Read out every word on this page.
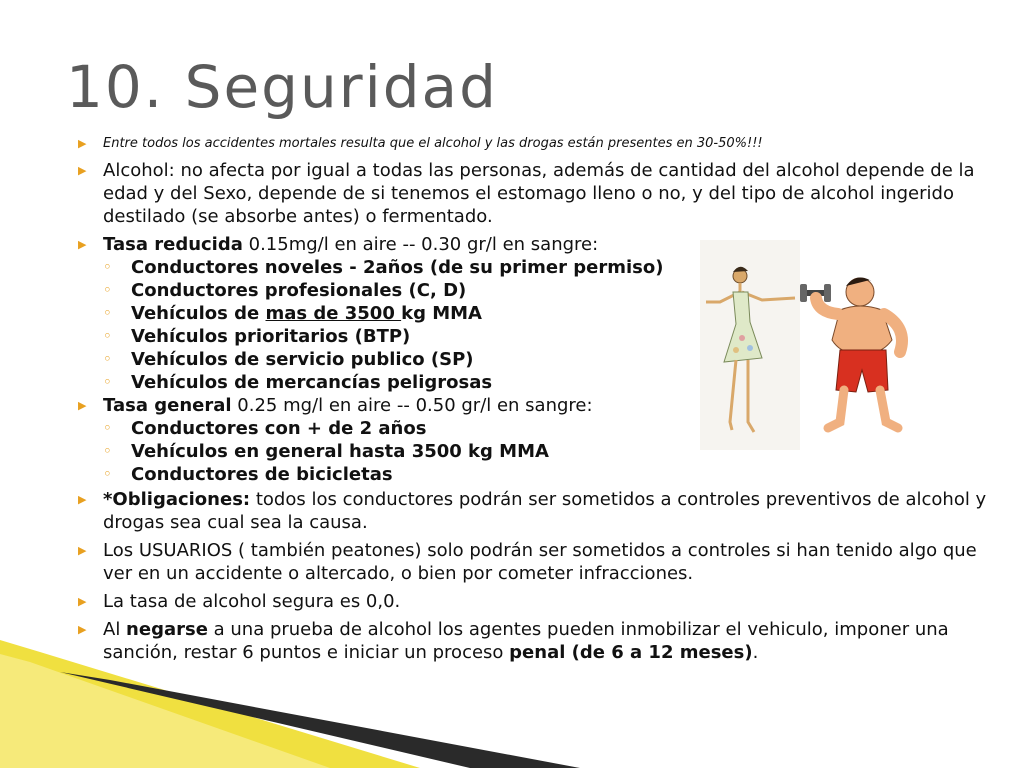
10. Seguridad
▶ Entre todos los accidentes mortales resulta que el alcohol y las drogas están presentes en 30-50%!!!
▶ Alcohol: no afecta por igual a todas las personas, además de cantidad del alcohol depende de la edad y del Sexo, depende de si tenemos el estomago lleno o no, y del tipo de alcohol ingerido destilado (se absorbe antes) o fermentado.
▶ Tasa reducida 0.15mg/l en aire -- 0.30 gr/l en sangre:
◦ Conductores noveles - 2años (de su primer permiso)
◦ Conductores profesionales (C, D)
◦ Vehículos de mas de 3500 kg MMA
◦ Vehículos prioritarios (BTP)
◦ Vehículos de servicio publico (SP)
◦ Vehículos de mercancías peligrosas
▶ Tasa general 0.25 mg/l en aire -- 0.50 gr/l en sangre:
◦ Conductores con + de 2 años
◦ Vehículos en general hasta 3500 kg MMA
◦ Conductores de bicicletas
▶ *Obligaciones: todos los conductores podrán ser sometidos a controles preventivos de alcohol y drogas sea cual sea la causa.
▶ Los USUARIOS ( también peatones) solo podrán ser sometidos a controles si han tenido algo que ver en un accidente o altercado, o bien por cometer infracciones.
▶ La tasa de alcohol segura es 0,0.
▶ Al negarse a una prueba de alcohol los agentes pueden inmobilizar el vehiculo, imponer una sanción, restar 6 puntos e iniciar un proceso penal (de 6 a 12 meses).
